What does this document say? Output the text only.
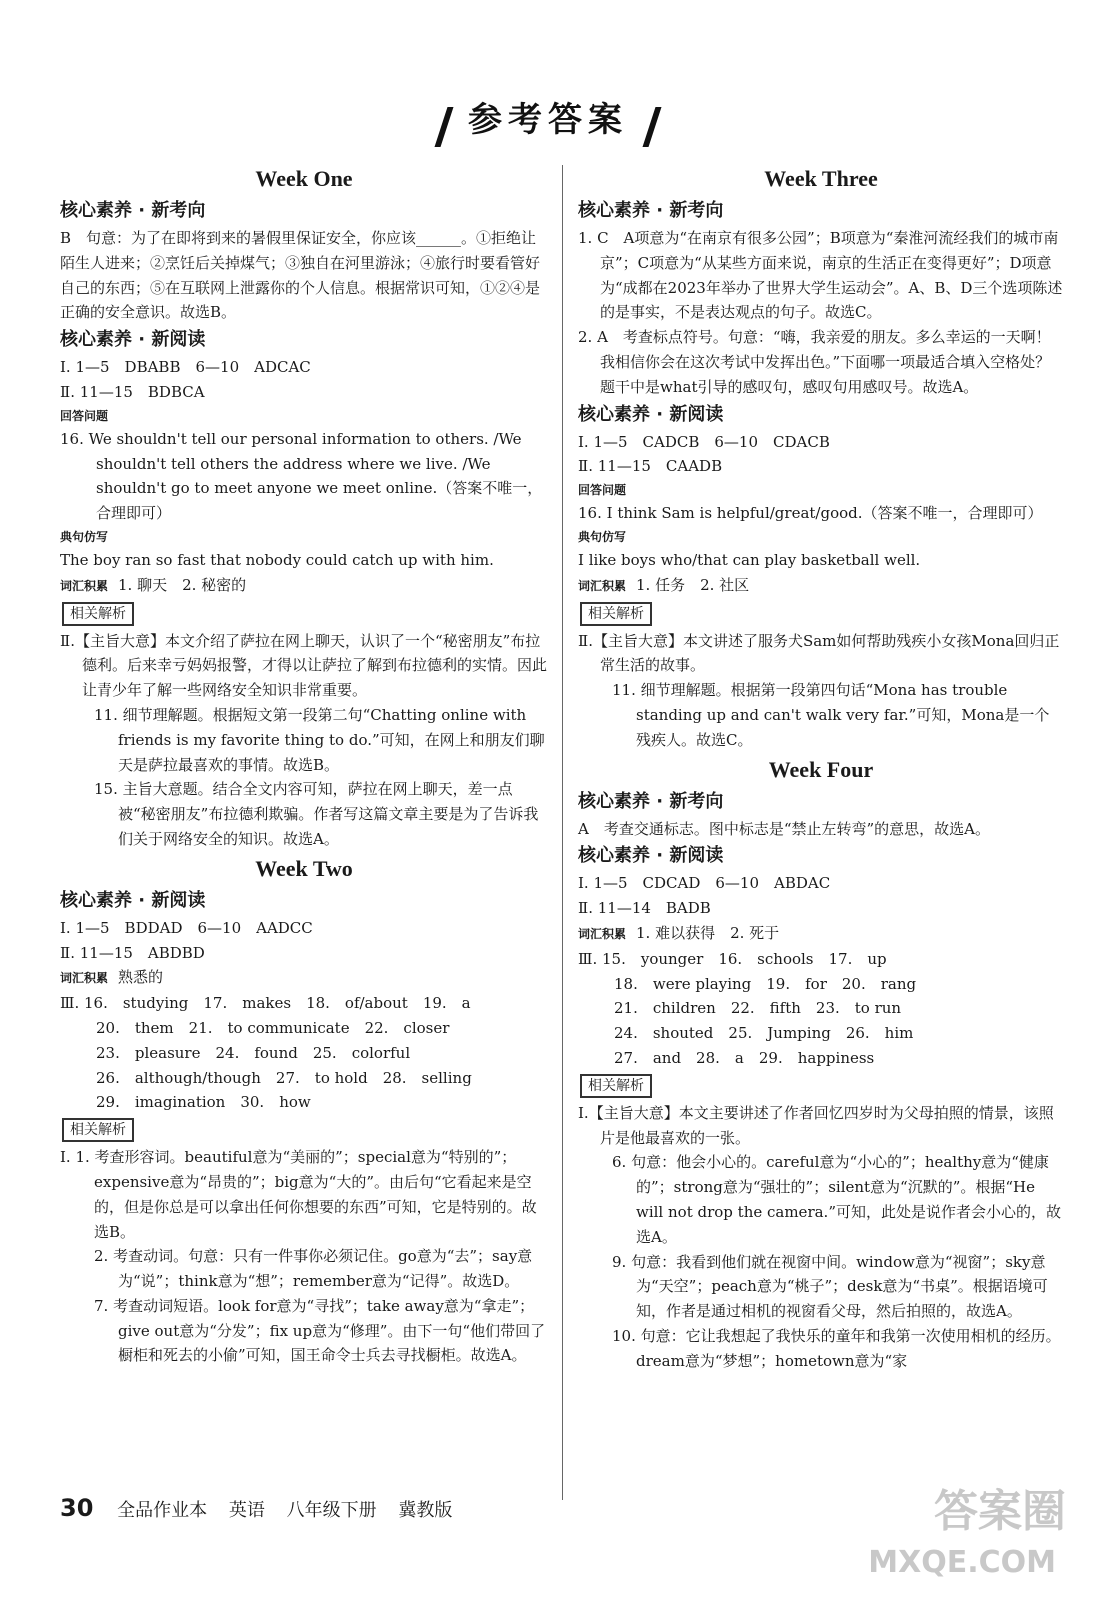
参考答案
Week One
核心素养 · 新考向
B　句意：为了在即将到来的暑假里保证安全，你应该______。①拒绝让陌生人进来；②烹饪后关掉煤气；③独自在河里游泳；④旅行时要看管好自己的东西；⑤在互联网上泄露你的个人信息。根据常识可知，①②④是正确的安全意识。故选B。
核心素养 · 新阅读
Ⅰ. 1—5　DBABB　6—10　ADCAC
Ⅱ. 11—15　BDBCA
回答问题
16. We shouldn't tell our personal information to others. /We shouldn't tell others the address where we live. /We shouldn't go to meet anyone we meet online.（答案不唯一，合理即可）
典句仿写
The boy ran so fast that nobody could catch up with him.
词汇积累 1. 聊天　2. 秘密的
相关解析
Ⅱ.【主旨大意】本文介绍了萨拉在网上聊天，认识了一个“秘密朋友”布拉德利。后来幸亏妈妈报警，才得以让萨拉了解到布拉德利的实情。因此让青少年了解一些网络安全知识非常重要。
11. 细节理解题。根据短文第一段第二句“Chatting online with friends is my favorite thing to do.”可知，在网上和朋友们聊天是萨拉最喜欢的事情。故选B。
15. 主旨大意题。结合全文内容可知，萨拉在网上聊天，差一点被“秘密朋友”布拉德利欺骗。作者写这篇文章主要是为了告诉我们关于网络安全的知识。故选A。
Week Two
核心素养 · 新阅读
Ⅰ. 1—5　BDDAD　6—10　AADCC
Ⅱ. 11—15　ABDBD
词汇积累 熟悉的
Ⅲ. 16.　studying　17.　makes　18.　of/about　19.　a
20.　them　21.　to communicate　22.　closer
23.　pleasure　24.　found　25.　colorful
26.　although/though　27.　to hold　28.　selling
29.　imagination　30.　how
相关解析
Ⅰ. 1. 考查形容词。beautiful意为“美丽的”；special意为“特别的”；expensive意为“昂贵的”；big意为“大的”。由后句“它看起来是空的，但是你总是可以拿出任何你想要的东西”可知，它是特别的。故选B。
2. 考查动词。句意：只有一件事你必须记住。go意为“去”；say意为“说”；think意为“想”；remember意为“记得”。故选D。
7. 考查动词短语。look for意为“寻找”；take away意为“拿走”；give out意为“分发”；fix up意为“修理”。由下一句“他们带回了橱柜和死去的小偷”可知，国王命令士兵去寻找橱柜。故选A。
Week Three
核心素养 · 新考向
1. C　A项意为“在南京有很多公园”；B项意为“秦淮河流经我们的城市南京”；C项意为“从某些方面来说，南京的生活正在变得更好”；D项意为“成都在2023年举办了世界大学生运动会”。A、B、D三个选项陈述的是事实，不是表达观点的句子。故选C。
2. A　考查标点符号。句意：“嗨，我亲爱的朋友。多么幸运的一天啊！我相信你会在这次考试中发挥出色。”下面哪一项最适合填入空格处？题干中是what引导的感叹句，感叹句用感叹号。故选A。
核心素养 · 新阅读
Ⅰ. 1—5　CADCB　6—10　CDACB
Ⅱ. 11—15　CAADB
回答问题
16. I think Sam is helpful/great/good.（答案不唯一，合理即可）
典句仿写
I like boys who/that can play basketball well.
词汇积累 1. 任务　2. 社区
相关解析
Ⅱ.【主旨大意】本文讲述了服务犬Sam如何帮助残疾小女孩Mona回归正常生活的故事。
11. 细节理解题。根据第一段第四句话“Mona has trouble standing up and can't walk very far.”可知，Mona是一个残疾人。故选C。
Week Four
核心素养 · 新考向
A　考查交通标志。图中标志是“禁止左转弯”的意思，故选A。
核心素养 · 新阅读
Ⅰ. 1—5　CDCAD　6—10　ABDAC
Ⅱ. 11—14　BADB
词汇积累 1. 难以获得　2. 死于
Ⅲ. 15.　younger　16.　schools　17.　up
18.　were playing　19.　for　20.　rang
21.　children　22.　fifth　23.　to run
24.　shouted　25.　Jumping　26.　him
27.　and　28.　a　29.　happiness
相关解析
Ⅰ.【主旨大意】本文主要讲述了作者回忆四岁时为父母拍照的情景，该照片是他最喜欢的一张。
6. 句意：他会小心的。careful意为“小心的”；healthy意为“健康的”；strong意为“强壮的”；silent意为“沉默的”。根据“He will not drop the camera.”可知，此处是说作者会小心的，故选A。
9. 句意：我看到他们就在视窗中间。window意为“视窗”；sky意为“天空”；peach意为“桃子”；desk意为“书桌”。根据语境可知，作者是通过相机的视窗看父母，然后拍照的，故选A。
10. 句意：它让我想起了我快乐的童年和我第一次使用相机的经历。dream意为“梦想”；hometown意为“家
30 全品作业本 英语 八年级下册 冀教版	答案圈
MXQE.COM
